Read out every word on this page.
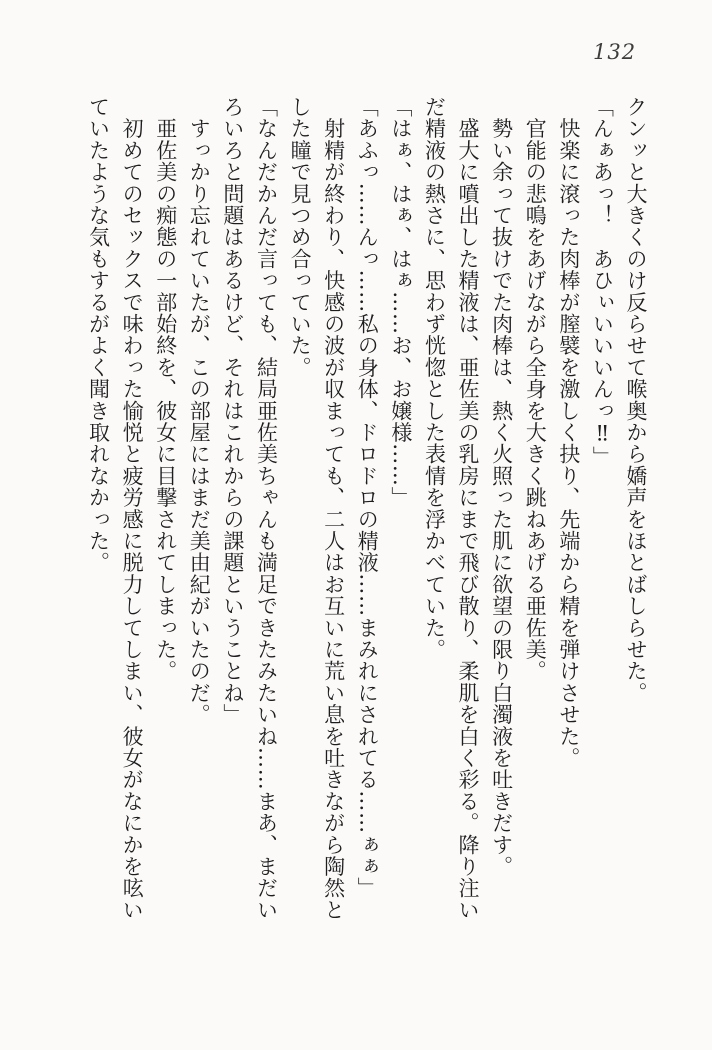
132

クンッと大きくのけ反らせて喉奥から嬌声をほとばしらせた。

「んぁあっ！　あひぃいいいんっ‼」

　快楽に滾った肉棒が膣襞を激しく抉り、先端から精を弾けさせた。

　官能の悲鳴をあげながら全身を大きく跳ねあげる亜佐美。

　勢い余って抜けでた肉棒は、熱く火照った肌に欲望の限り白濁液を吐きだす。

　盛大に噴出した精液は、亜佐美の乳房にまで飛び散り、柔肌を白く彩る。降り注い

だ精液の熱さに、思わず恍惚とした表情を浮かべていた。

「はぁ、はぁ、はぁ……お、お嬢様……」

「あふっ……んっ……私の身体、ドロドロの精液……まみれにされてる……ぁぁ」

　射精が終わり、快感の波が収まっても、二人はお互いに荒い息を吐きながら陶然と

した瞳で見つめ合っていた。

「なんだかんだ言っても、結局亜佐美ちゃんも満足できたみたいね……まあ、まだい

ろいろと問題はあるけど、それはこれからの課題ということね」

　すっかり忘れていたが、この部屋にはまだ美由紀がいたのだ。

　亜佐美の痴態の一部始終を、彼女に目撃されてしまった。

　初めてのセックスで味わった愉悦と疲労感に脱力してしまい、彼女がなにかを呟い

ていたような気もするがよく聞き取れなかった。
